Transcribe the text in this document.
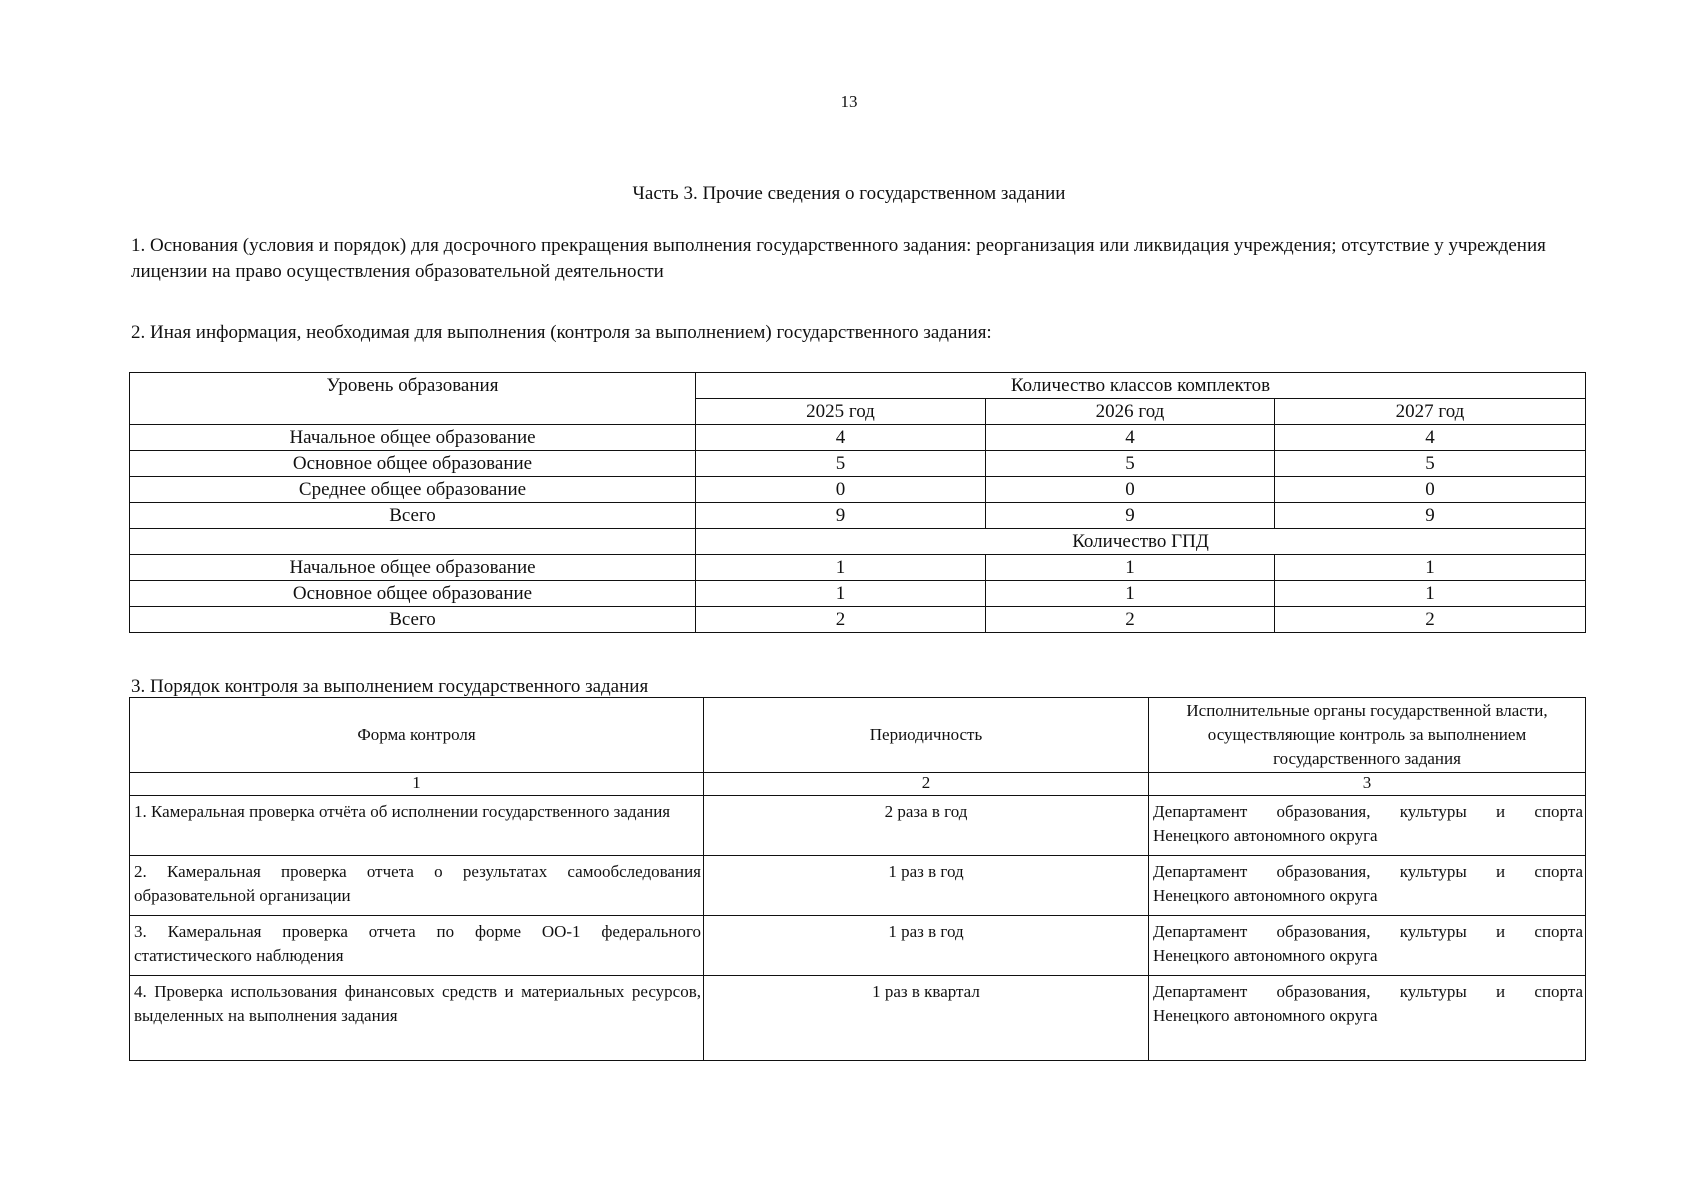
13
Часть 3. Прочие сведения о государственном задании
1. Основания (условия и порядок) для досрочного прекращения выполнения государственного задания: реорганизация или ликвидация учреждения; отсутствие у учреждения лицензии на право осуществления образовательной деятельности
2. Иная информация, необходимая для выполнения (контроля за выполнением) государственного задания:
Уровень образования	Количество классов комплектов		
	2025 год	2026 год	2027 год
Начальное общее образование	4	4	4
Основное общее образование	5	5	5
Среднее общее образование	0	0	0
Всего	9	9	9
	Количество ГПД		
Начальное общее образование	1	1	1
Основное общее образование	1	1	1
Всего	2	2	2
3. Порядок контроля за выполнением государственного задания
Форма контроля	Периодичность	Исполнительные органы государственной власти, осуществляющие контроль за выполнением государственного задания
1	2	3
1. Камеральная проверка отчёта об исполнении государственного задания	2 раза в год	Департамент образования, культуры и спорта
Ненецкого автономного округа

2. Камеральная проверка отчета о результатах самообследования образовательной организации	1 раз в год	Департамент образования, культуры и спорта
Ненецкого автономного округа

3. Камеральная проверка отчета по форме ОО-1 федерального статистического наблюдения	1 раз в год	Департамент образования, культуры и спорта
Ненецкого автономного округа

4. Проверка использования финансовых средств и материальных ресурсов, выделенных на выполнения задания	1 раз в квартал	Департамент образования, культуры и спорта
Ненецкого автономного округа
